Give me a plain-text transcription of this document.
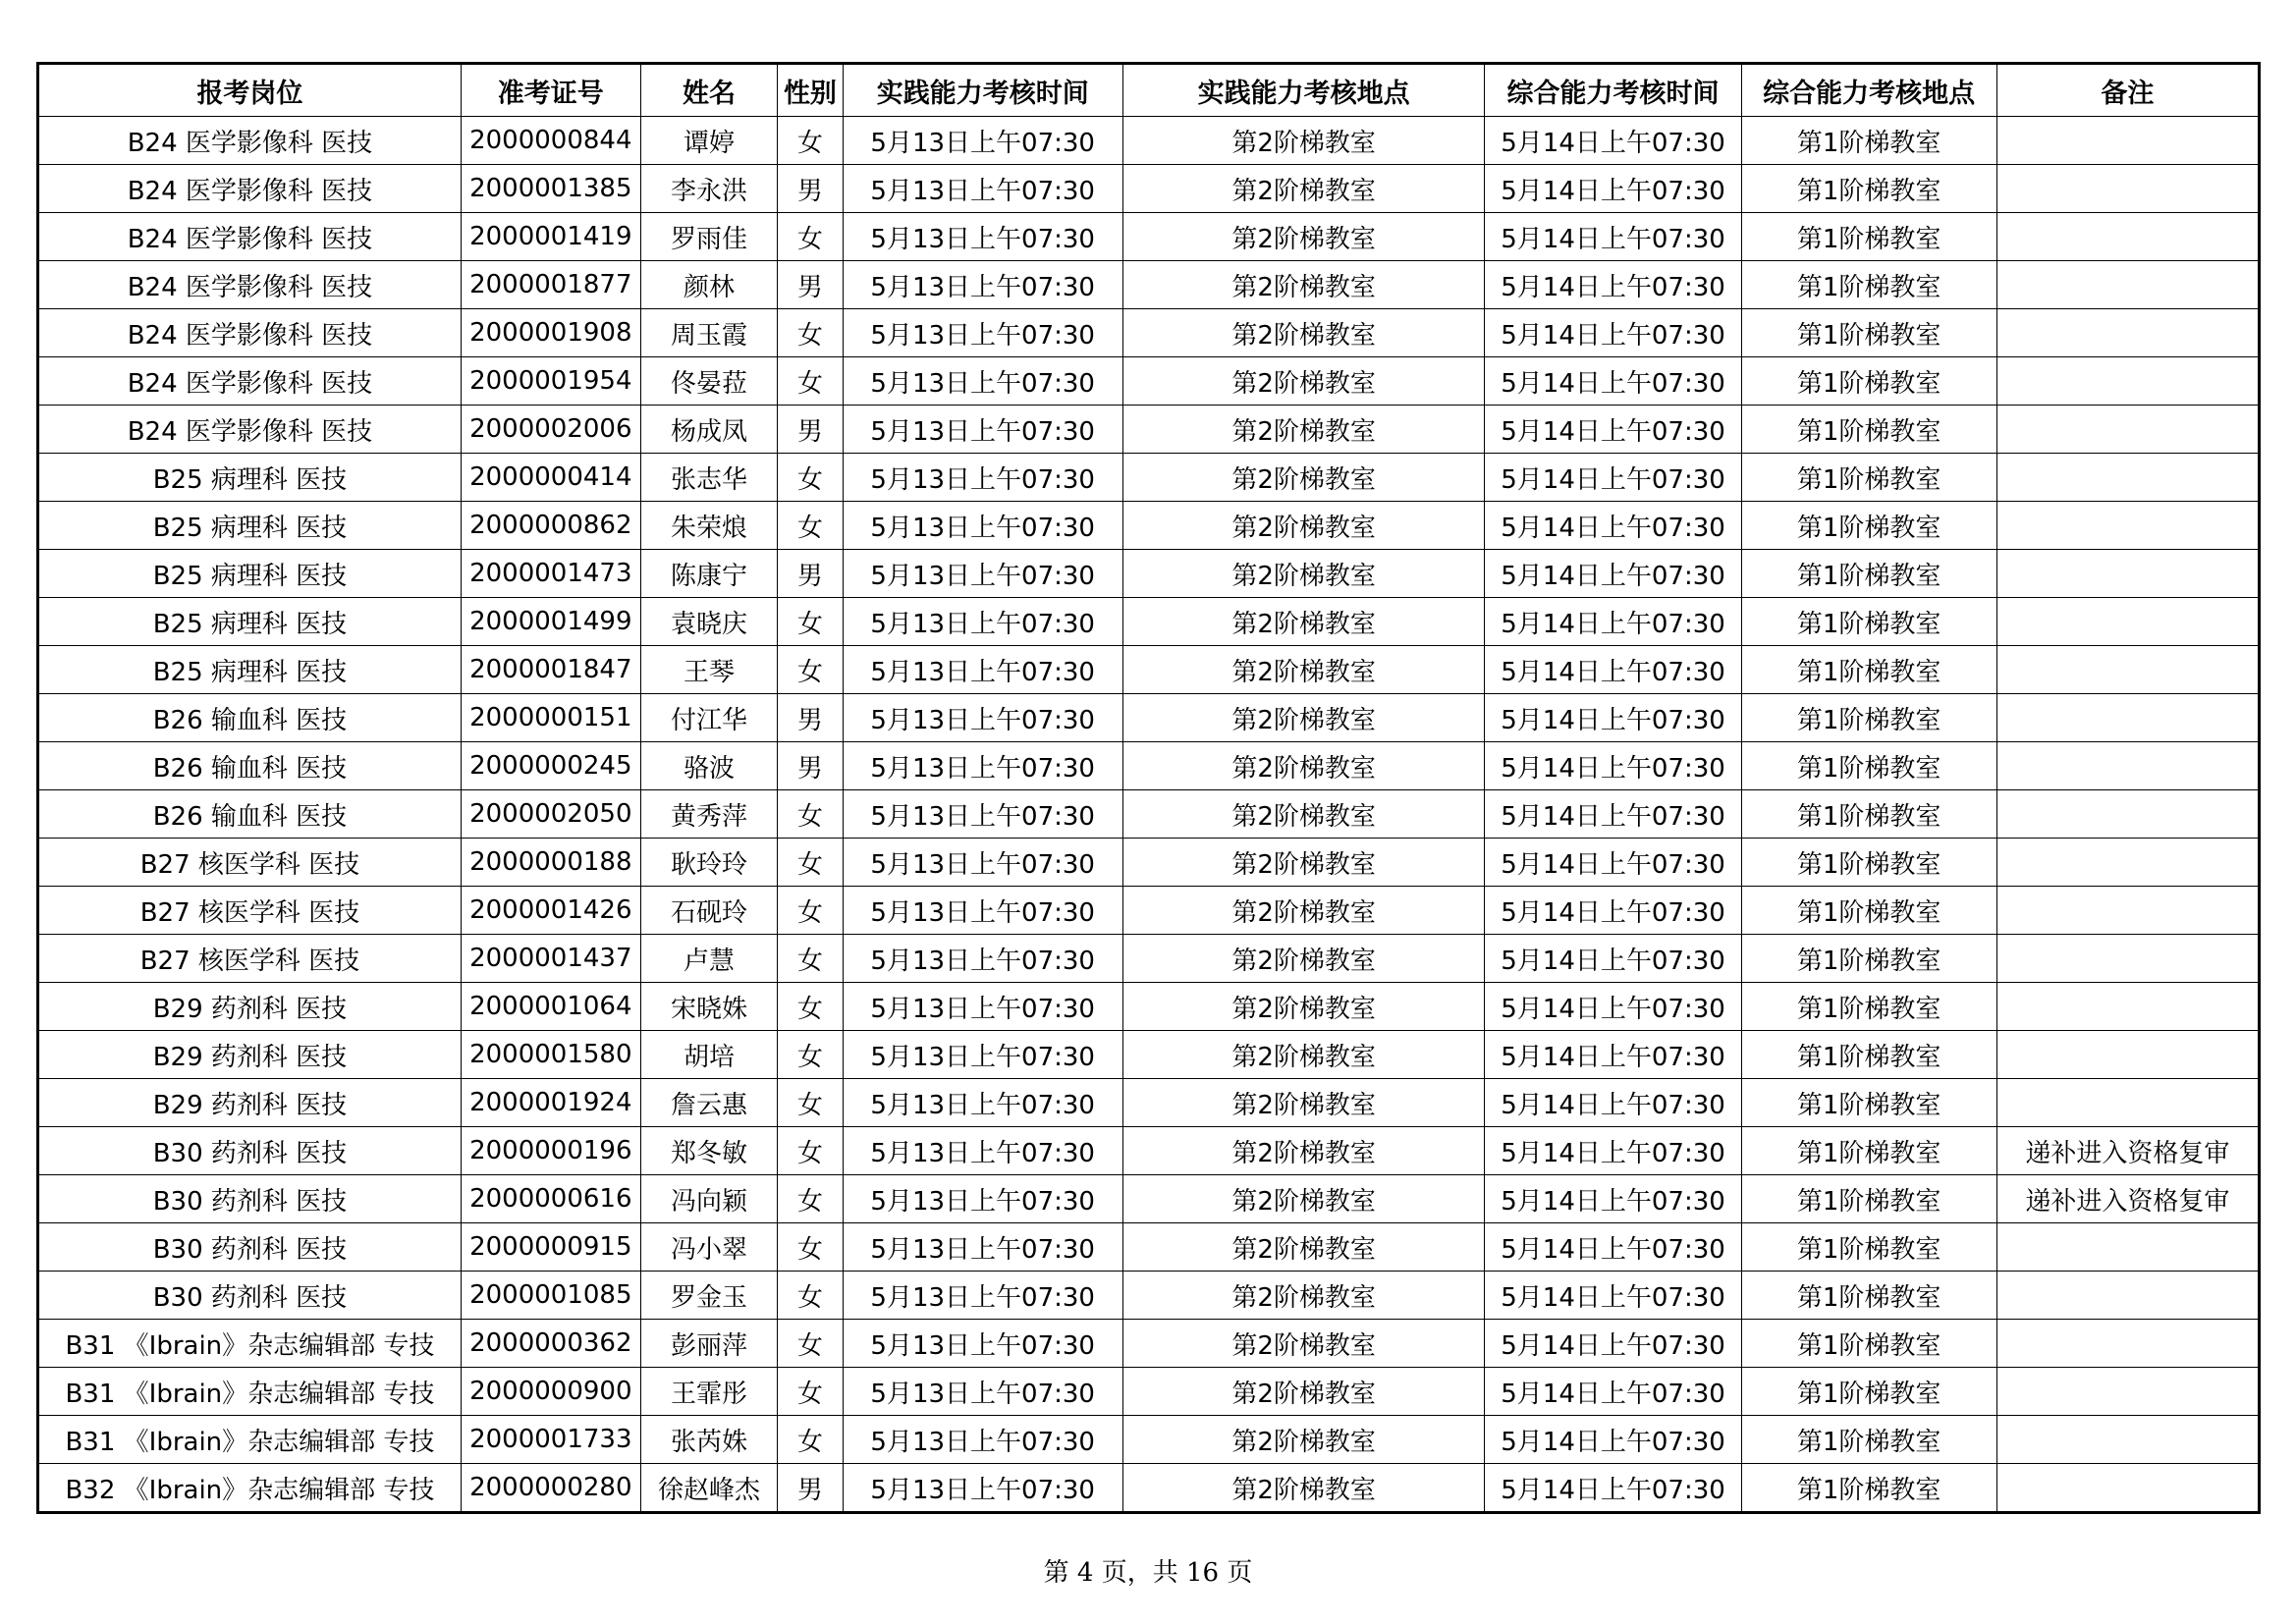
报考岗位	准考证号	姓名	性别	实践能力考核时间	实践能力考核地点	综合能力考核时间	综合能力考核地点	备注
B24 医学影像科 医技	2000000844	谭婷	女	5月13日上午07:30	第2阶梯教室	5月14日上午07:30	第1阶梯教室	
B24 医学影像科 医技	2000001385	李永洪	男	5月13日上午07:30	第2阶梯教室	5月14日上午07:30	第1阶梯教室	
B24 医学影像科 医技	2000001419	罗雨佳	女	5月13日上午07:30	第2阶梯教室	5月14日上午07:30	第1阶梯教室	
B24 医学影像科 医技	2000001877	颜林	男	5月13日上午07:30	第2阶梯教室	5月14日上午07:30	第1阶梯教室	
B24 医学影像科 医技	2000001908	周玉霞	女	5月13日上午07:30	第2阶梯教室	5月14日上午07:30	第1阶梯教室	
B24 医学影像科 医技	2000001954	佟晏菈	女	5月13日上午07:30	第2阶梯教室	5月14日上午07:30	第1阶梯教室	
B24 医学影像科 医技	2000002006	杨成凤	男	5月13日上午07:30	第2阶梯教室	5月14日上午07:30	第1阶梯教室	
B25 病理科 医技	2000000414	张志华	女	5月13日上午07:30	第2阶梯教室	5月14日上午07:30	第1阶梯教室	
B25 病理科 医技	2000000862	朱荣烺	女	5月13日上午07:30	第2阶梯教室	5月14日上午07:30	第1阶梯教室	
B25 病理科 医技	2000001473	陈康宁	男	5月13日上午07:30	第2阶梯教室	5月14日上午07:30	第1阶梯教室	
B25 病理科 医技	2000001499	袁晓庆	女	5月13日上午07:30	第2阶梯教室	5月14日上午07:30	第1阶梯教室	
B25 病理科 医技	2000001847	王琴	女	5月13日上午07:30	第2阶梯教室	5月14日上午07:30	第1阶梯教室	
B26 输血科 医技	2000000151	付江华	男	5月13日上午07:30	第2阶梯教室	5月14日上午07:30	第1阶梯教室	
B26 输血科 医技	2000000245	骆波	男	5月13日上午07:30	第2阶梯教室	5月14日上午07:30	第1阶梯教室	
B26 输血科 医技	2000002050	黄秀萍	女	5月13日上午07:30	第2阶梯教室	5月14日上午07:30	第1阶梯教室	
B27 核医学科 医技	2000000188	耿玲玲	女	5月13日上午07:30	第2阶梯教室	5月14日上午07:30	第1阶梯教室	
B27 核医学科 医技	2000001426	石砚玲	女	5月13日上午07:30	第2阶梯教室	5月14日上午07:30	第1阶梯教室	
B27 核医学科 医技	2000001437	卢慧	女	5月13日上午07:30	第2阶梯教室	5月14日上午07:30	第1阶梯教室	
B29 药剂科 医技	2000001064	宋晓姝	女	5月13日上午07:30	第2阶梯教室	5月14日上午07:30	第1阶梯教室	
B29 药剂科 医技	2000001580	胡培	女	5月13日上午07:30	第2阶梯教室	5月14日上午07:30	第1阶梯教室	
B29 药剂科 医技	2000001924	詹云惠	女	5月13日上午07:30	第2阶梯教室	5月14日上午07:30	第1阶梯教室	
B30 药剂科 医技	2000000196	郑冬敏	女	5月13日上午07:30	第2阶梯教室	5月14日上午07:30	第1阶梯教室	递补进入资格复审
B30 药剂科 医技	2000000616	冯向颖	女	5月13日上午07:30	第2阶梯教室	5月14日上午07:30	第1阶梯教室	递补进入资格复审
B30 药剂科 医技	2000000915	冯小翠	女	5月13日上午07:30	第2阶梯教室	5月14日上午07:30	第1阶梯教室	
B30 药剂科 医技	2000001085	罗金玉	女	5月13日上午07:30	第2阶梯教室	5月14日上午07:30	第1阶梯教室	
B31 《Ibrain》杂志编辑部 专技	2000000362	彭丽萍	女	5月13日上午07:30	第2阶梯教室	5月14日上午07:30	第1阶梯教室	
B31 《Ibrain》杂志编辑部 专技	2000000900	王霏彤	女	5月13日上午07:30	第2阶梯教室	5月14日上午07:30	第1阶梯教室	
B31 《Ibrain》杂志编辑部 专技	2000001733	张芮姝	女	5月13日上午07:30	第2阶梯教室	5月14日上午07:30	第1阶梯教室	
B32 《Ibrain》杂志编辑部 专技	2000000280	徐赵峰杰	男	5月13日上午07:30	第2阶梯教室	5月14日上午07:30	第1阶梯教室	
第 4 页，共 16 页
